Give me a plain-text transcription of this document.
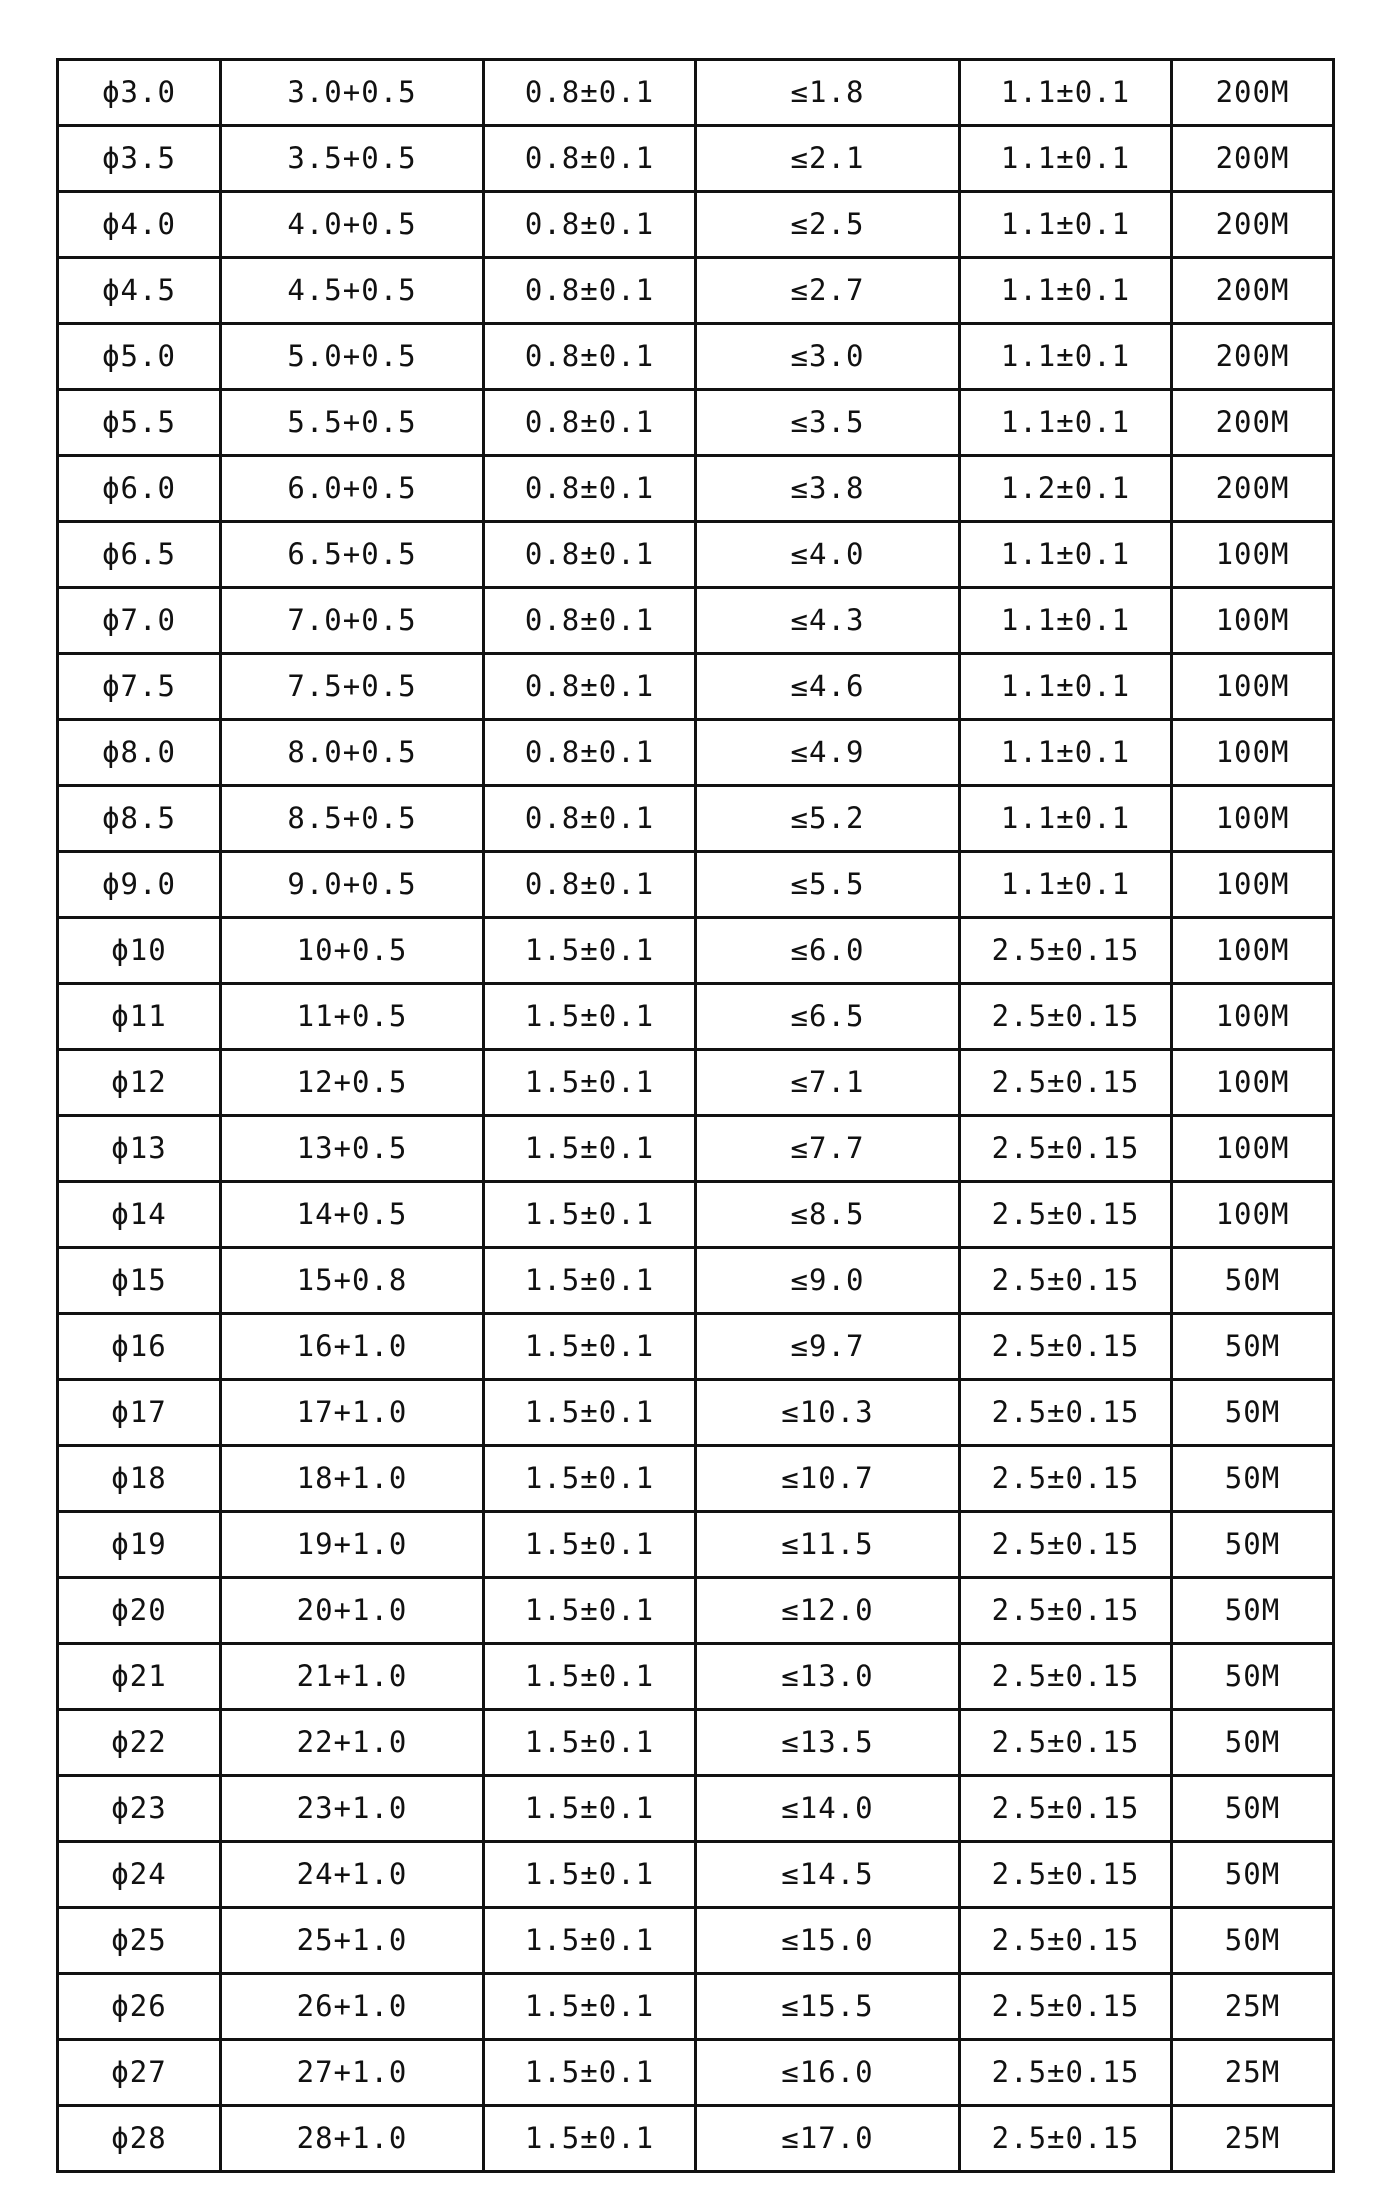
ϕ3.0	3.0+0.5	0.8±0.1	≤1.8	1.1±0.1	200M
ϕ3.5	3.5+0.5	0.8±0.1	≤2.1	1.1±0.1	200M
ϕ4.0	4.0+0.5	0.8±0.1	≤2.5	1.1±0.1	200M
ϕ4.5	4.5+0.5	0.8±0.1	≤2.7	1.1±0.1	200M
ϕ5.0	5.0+0.5	0.8±0.1	≤3.0	1.1±0.1	200M
ϕ5.5	5.5+0.5	0.8±0.1	≤3.5	1.1±0.1	200M
ϕ6.0	6.0+0.5	0.8±0.1	≤3.8	1.2±0.1	200M
ϕ6.5	6.5+0.5	0.8±0.1	≤4.0	1.1±0.1	100M
ϕ7.0	7.0+0.5	0.8±0.1	≤4.3	1.1±0.1	100M
ϕ7.5	7.5+0.5	0.8±0.1	≤4.6	1.1±0.1	100M
ϕ8.0	8.0+0.5	0.8±0.1	≤4.9	1.1±0.1	100M
ϕ8.5	8.5+0.5	0.8±0.1	≤5.2	1.1±0.1	100M
ϕ9.0	9.0+0.5	0.8±0.1	≤5.5	1.1±0.1	100M
ϕ10	10+0.5	1.5±0.1	≤6.0	2.5±0.15	100M
ϕ11	11+0.5	1.5±0.1	≤6.5	2.5±0.15	100M
ϕ12	12+0.5	1.5±0.1	≤7.1	2.5±0.15	100M
ϕ13	13+0.5	1.5±0.1	≤7.7	2.5±0.15	100M
ϕ14	14+0.5	1.5±0.1	≤8.5	2.5±0.15	100M
ϕ15	15+0.8	1.5±0.1	≤9.0	2.5±0.15	50M
ϕ16	16+1.0	1.5±0.1	≤9.7	2.5±0.15	50M
ϕ17	17+1.0	1.5±0.1	≤10.3	2.5±0.15	50M
ϕ18	18+1.0	1.5±0.1	≤10.7	2.5±0.15	50M
ϕ19	19+1.0	1.5±0.1	≤11.5	2.5±0.15	50M
ϕ20	20+1.0	1.5±0.1	≤12.0	2.5±0.15	50M
ϕ21	21+1.0	1.5±0.1	≤13.0	2.5±0.15	50M
ϕ22	22+1.0	1.5±0.1	≤13.5	2.5±0.15	50M
ϕ23	23+1.0	1.5±0.1	≤14.0	2.5±0.15	50M
ϕ24	24+1.0	1.5±0.1	≤14.5	2.5±0.15	50M
ϕ25	25+1.0	1.5±0.1	≤15.0	2.5±0.15	50M
ϕ26	26+1.0	1.5±0.1	≤15.5	2.5±0.15	25M
ϕ27	27+1.0	1.5±0.1	≤16.0	2.5±0.15	25M
ϕ28	28+1.0	1.5±0.1	≤17.0	2.5±0.15	25M
